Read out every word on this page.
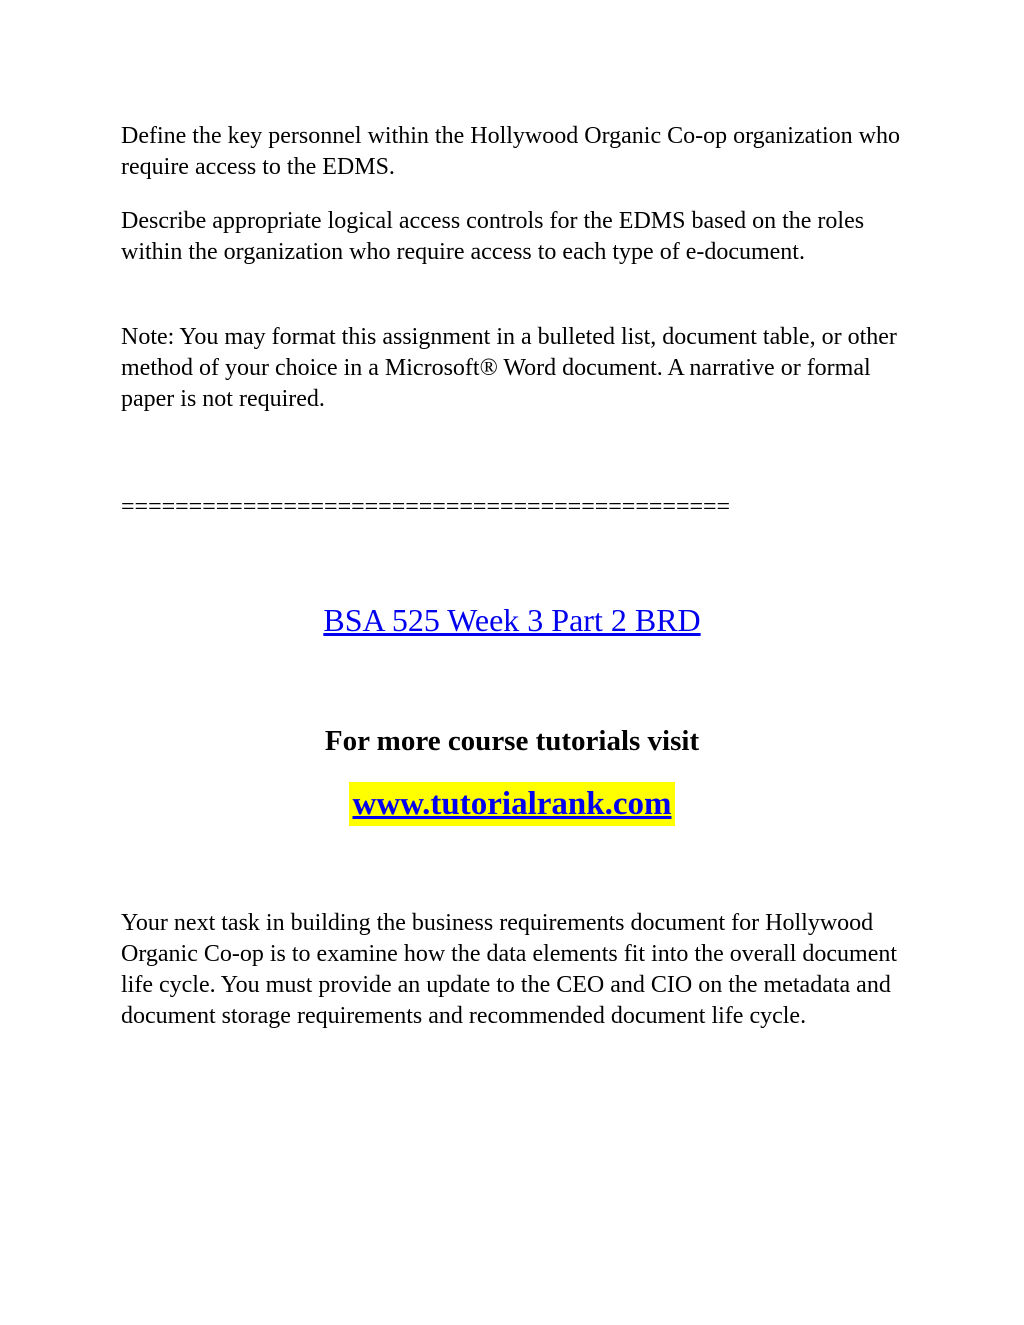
Define the key personnel within the Hollywood Organic Co-op organization who require access to the EDMS.

Describe appropriate logical access controls for the EDMS based on the roles within the organization who require access to each type of e-document.

Note: You may format this assignment in a bulleted list, document table, or other method of your choice in a Microsoft® Word document. A narrative or formal paper is not required.

=============================================
BSA 525 Week 3 Part 2 BRD
For more course tutorials visit
www.tutorialrank.com

Your next task in building the business requirements document for Hollywood Organic Co-op is to examine how the data elements fit into the overall document life cycle. You must provide an update to the CEO and CIO on the metadata and document storage requirements and recommended document life cycle.
